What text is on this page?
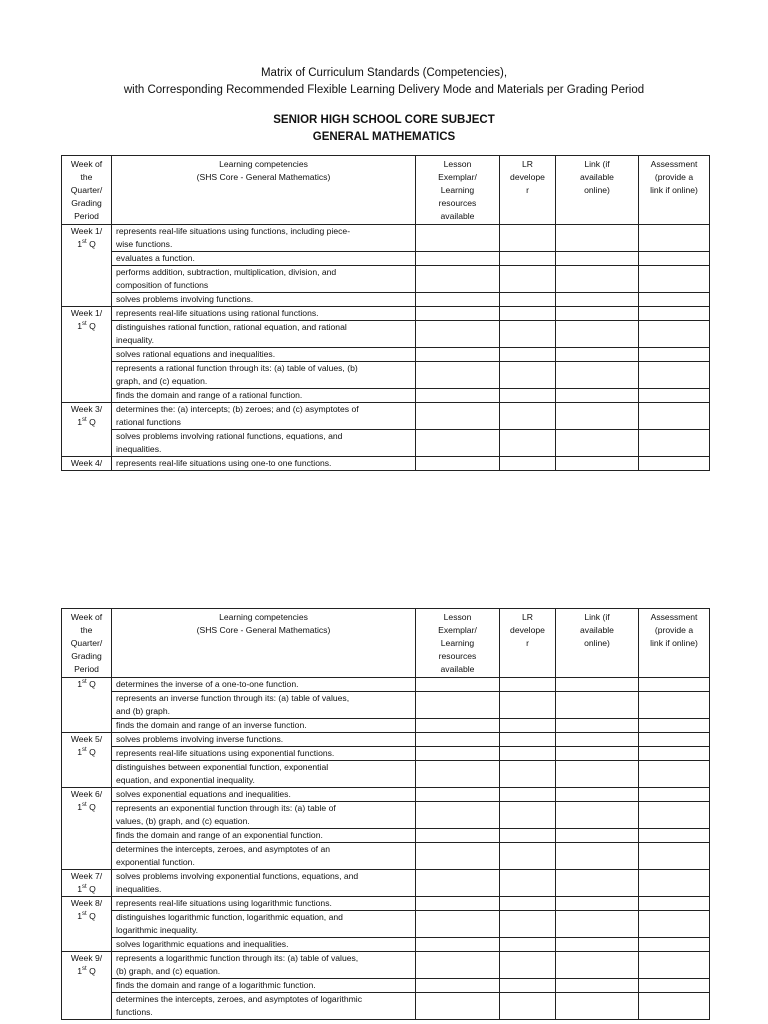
Matrix of Curriculum Standards (Competencies),
with Corresponding Recommended Flexible Learning Delivery Mode and Materials per Grading Period
SENIOR HIGH SCHOOL CORE SUBJECT
GENERAL MATHEMATICS
Week of
the
Quarter/
Grading
Period	Learning competencies
(SHS Core - General Mathematics)	Lesson
Exemplar/
Learning
resources
available	LR
develope
r	Link (if
available
online)	Assessment
(provide a
link if online)
Week 1/
1st Q	represents real-life situations using functions, including piece-
wise functions.				
	evaluates a function.				
	performs addition, subtraction, multiplication, division, and
composition of functions				
	solves problems involving functions.				
Week 1/
1st Q	represents real-life situations using rational functions.				
	distinguishes rational function, rational equation, and rational
inequality.				
	solves rational equations and inequalities.				
	represents a rational function through its: (a) table of values, (b)
graph, and (c) equation.				
	finds the domain and range of a rational function.				
Week 3/
1st Q	determines the: (a) intercepts; (b) zeroes; and (c) asymptotes of
rational functions				
	solves problems involving rational functions, equations, and
inequalities.				
Week 4/	represents real-life situations using one-to one functions.				
Week of
the
Quarter/
Grading
Period	Learning competencies
(SHS Core - General Mathematics)	Lesson
Exemplar/
Learning
resources
available	LR
develope
r	Link (if
available
online)	Assessment
(provide a
link if online)
1st Q	determines the inverse of a one-to-one function.				
	represents an inverse function through its: (a) table of values,
and (b) graph.				
	finds the domain and range of an inverse function.				
Week 5/
1st Q	solves problems involving inverse functions.				
	represents real-life situations using exponential functions.				
	distinguishes between exponential function, exponential
equation, and exponential inequality.				
Week 6/
1st Q	solves exponential equations and inequalities.				
	represents an exponential function through its: (a) table of
values, (b) graph, and (c) equation.				
	finds the domain and range of an exponential function.				
	determines the intercepts, zeroes, and asymptotes of an
exponential function.				
Week 7/
1st Q	solves problems involving exponential functions, equations, and
inequalities.				
Week 8/
1st Q	represents real-life situations using logarithmic functions.				
	distinguishes logarithmic function, logarithmic equation, and
logarithmic inequality.				
	solves logarithmic equations and inequalities.				
Week 9/
1st Q	represents a logarithmic function through its: (a) table of values,
(b) graph, and (c) equation.				
	finds the domain and range of a logarithmic function.				
	determines the intercepts, zeroes, and asymptotes of logarithmic
functions.				
